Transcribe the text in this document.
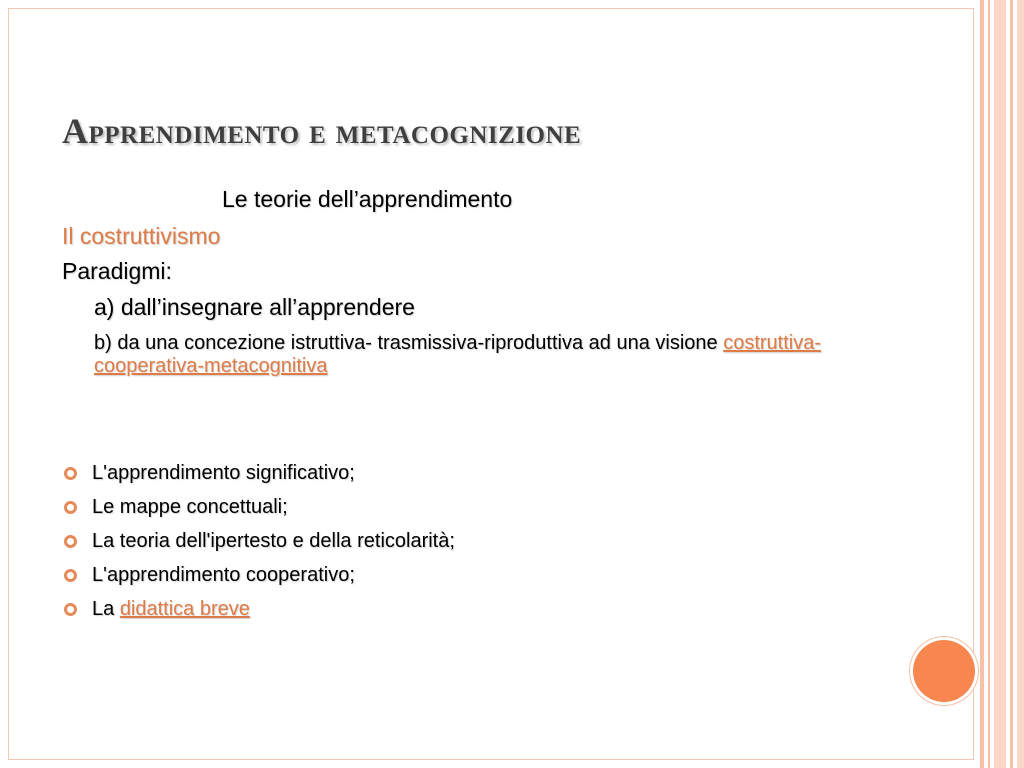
Apprendimento e metacognizione
Le teorie dell’apprendimento
Il costruttivismo
Paradigmi:
a) dall’insegnare all’apprendere
b) da una concezione istruttiva- trasmissiva-riproduttiva ad una visione costruttiva-cooperativa-metacognitiva
L'apprendimento significativo;
Le mappe concettuali;
La teoria dell'ipertesto e della reticolarità;
L'apprendimento cooperativo;
La didattica breve
